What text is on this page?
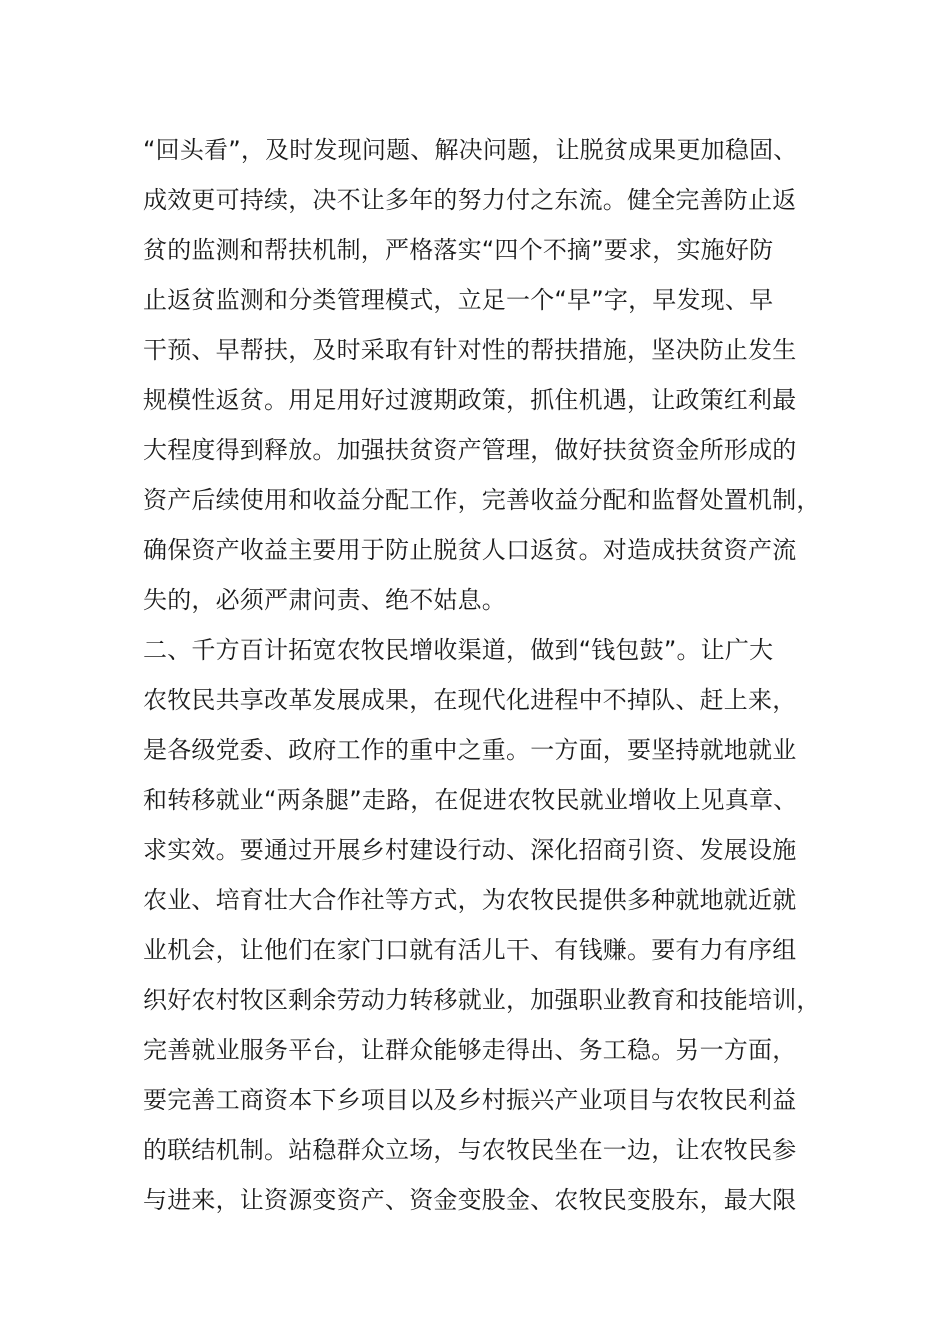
“回头看”，及时发现问题、解决问题，让脱贫成果更加稳固、
成效更可持续，决不让多年的努力付之东流。健全完善防止返
贫的监测和帮扶机制，严格落实“四个不摘”要求，实施好防
止返贫监测和分类管理模式，立足一个“早”字，早发现、早
干预、早帮扶，及时采取有针对性的帮扶措施，坚决防止发生
规模性返贫。用足用好过渡期政策，抓住机遇，让政策红利最
大程度得到释放。加强扶贫资产管理，做好扶贫资金所形成的
资产后续使用和收益分配工作，完善收益分配和监督处置机制，
确保资产收益主要用于防止脱贫人口返贫。对造成扶贫资产流
失的，必须严肃问责、绝不姑息。
二、千方百计拓宽农牧民增收渠道，做到“钱包鼓”。让广大
农牧民共享改革发展成果，在现代化进程中不掉队、赶上来，
是各级党委、政府工作的重中之重。一方面，要坚持就地就业
和转移就业“两条腿”走路，在促进农牧民就业增收上见真章、
求实效。要通过开展乡村建设行动、深化招商引资、发展设施
农业、培育壮大合作社等方式，为农牧民提供多种就地就近就
业机会，让他们在家门口就有活儿干、有钱赚。要有力有序组
织好农村牧区剩余劳动力转移就业，加强职业教育和技能培训，
完善就业服务平台，让群众能够走得出、务工稳。另一方面，
要完善工商资本下乡项目以及乡村振兴产业项目与农牧民利益
的联结机制。站稳群众立场，与农牧民坐在一边，让农牧民参
与进来，让资源变资产、资金变股金、农牧民变股东，最大限
